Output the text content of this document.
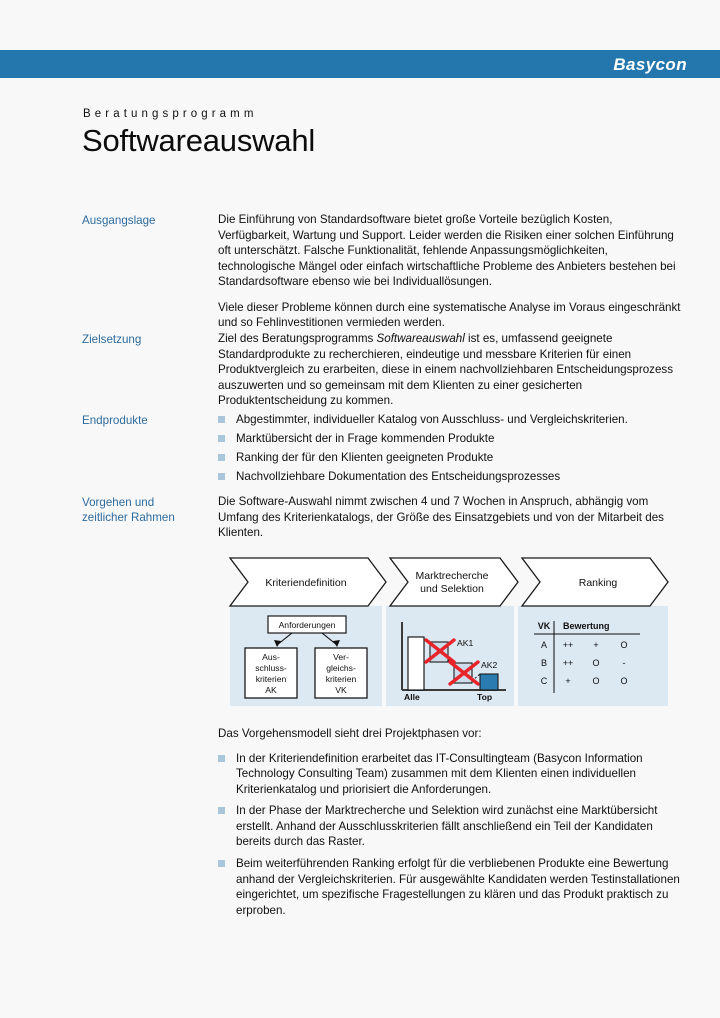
Basycon
Beratungsprogramm
Softwareauswahl
Ausgangslage	Die Einführung von Standardsoftware bietet große Vorteile bezüglich Kosten, Verfügbarkeit, Wartung und Support. Leider werden die Risiken einer solchen Einführung oft unterschätzt. Falsche Funktionalität, fehlende Anpassungsmöglichkeiten, technologische Mängel oder einfach wirtschaftliche Probleme des Anbieters bestehen bei Standardsoftware ebenso wie bei Individuallösungen.

Viele dieser Probleme können durch eine systematische Analyse im Voraus eingeschränkt und so Fehlinvestitionen vermieden werden.

Zielsetzung	Ziel des Beratungsprogramms Softwareauswahl ist es, umfassend geeignete Standardprodukte zu recherchieren, eindeutige und messbare Kriterien für einen Produktvergleich zu erarbeiten, diese in einem nachvollziehbaren Entscheidungsprozess auszuwerten und so gemeinsam mit dem Klienten zu einer gesicherten Produktentscheidung zu kommen.

Endprodukte	Abgestimmter, individueller Katalog von Ausschluss- und Vergleichskriterien.
Marktübersicht der in Frage kommenden Produkte
Ranking der für den Klienten geeigneten Produkte
Nachvollziehbare Dokumentation des Entscheidungsprozesses
Vorgehen und
zeitlicher Rahmen

Die Software-Auswahl nimmt zwischen 4 und 7 Wochen in Anspruch, abhängig vom Umfang des Kriterienkatalogs, der Größe des Einsatzgebiets und von der Mitarbeit des Klienten.

Kriteriendefinition
Marktrecherche
und Selektion	Ranking
Anforderungen
Aus-
schluss-
kriterien
AK
Ver-
gleichs-
kriterien
VK
AK1
AK2
Alle	Top
VK Bewertung
A ++ + O
B ++ O	-
C + O O

Das Vorgehensmodell sieht drei Projektphasen vor:

In der Kriteriendefinition erarbeitet das IT-Consultingteam (Basycon Information Technology Consulting Team) zusammen mit dem Klienten einen individuellen Kriterienkatalog und priorisiert die Anforderungen.
In der Phase der Marktrecherche und Selektion wird zunächst eine Marktübersicht erstellt. Anhand der Ausschlusskriterien fällt anschließend ein Teil der Kandidaten bereits durch das Raster.
Beim weiterführenden Ranking erfolgt für die verbliebenen Produkte eine Bewertung anhand der Vergleichskriterien. Für ausgewählte Kandidaten werden Testinstallationen eingerichtet, um spezifische Fragestellungen zu klären und das Produkt praktisch zu erproben.
